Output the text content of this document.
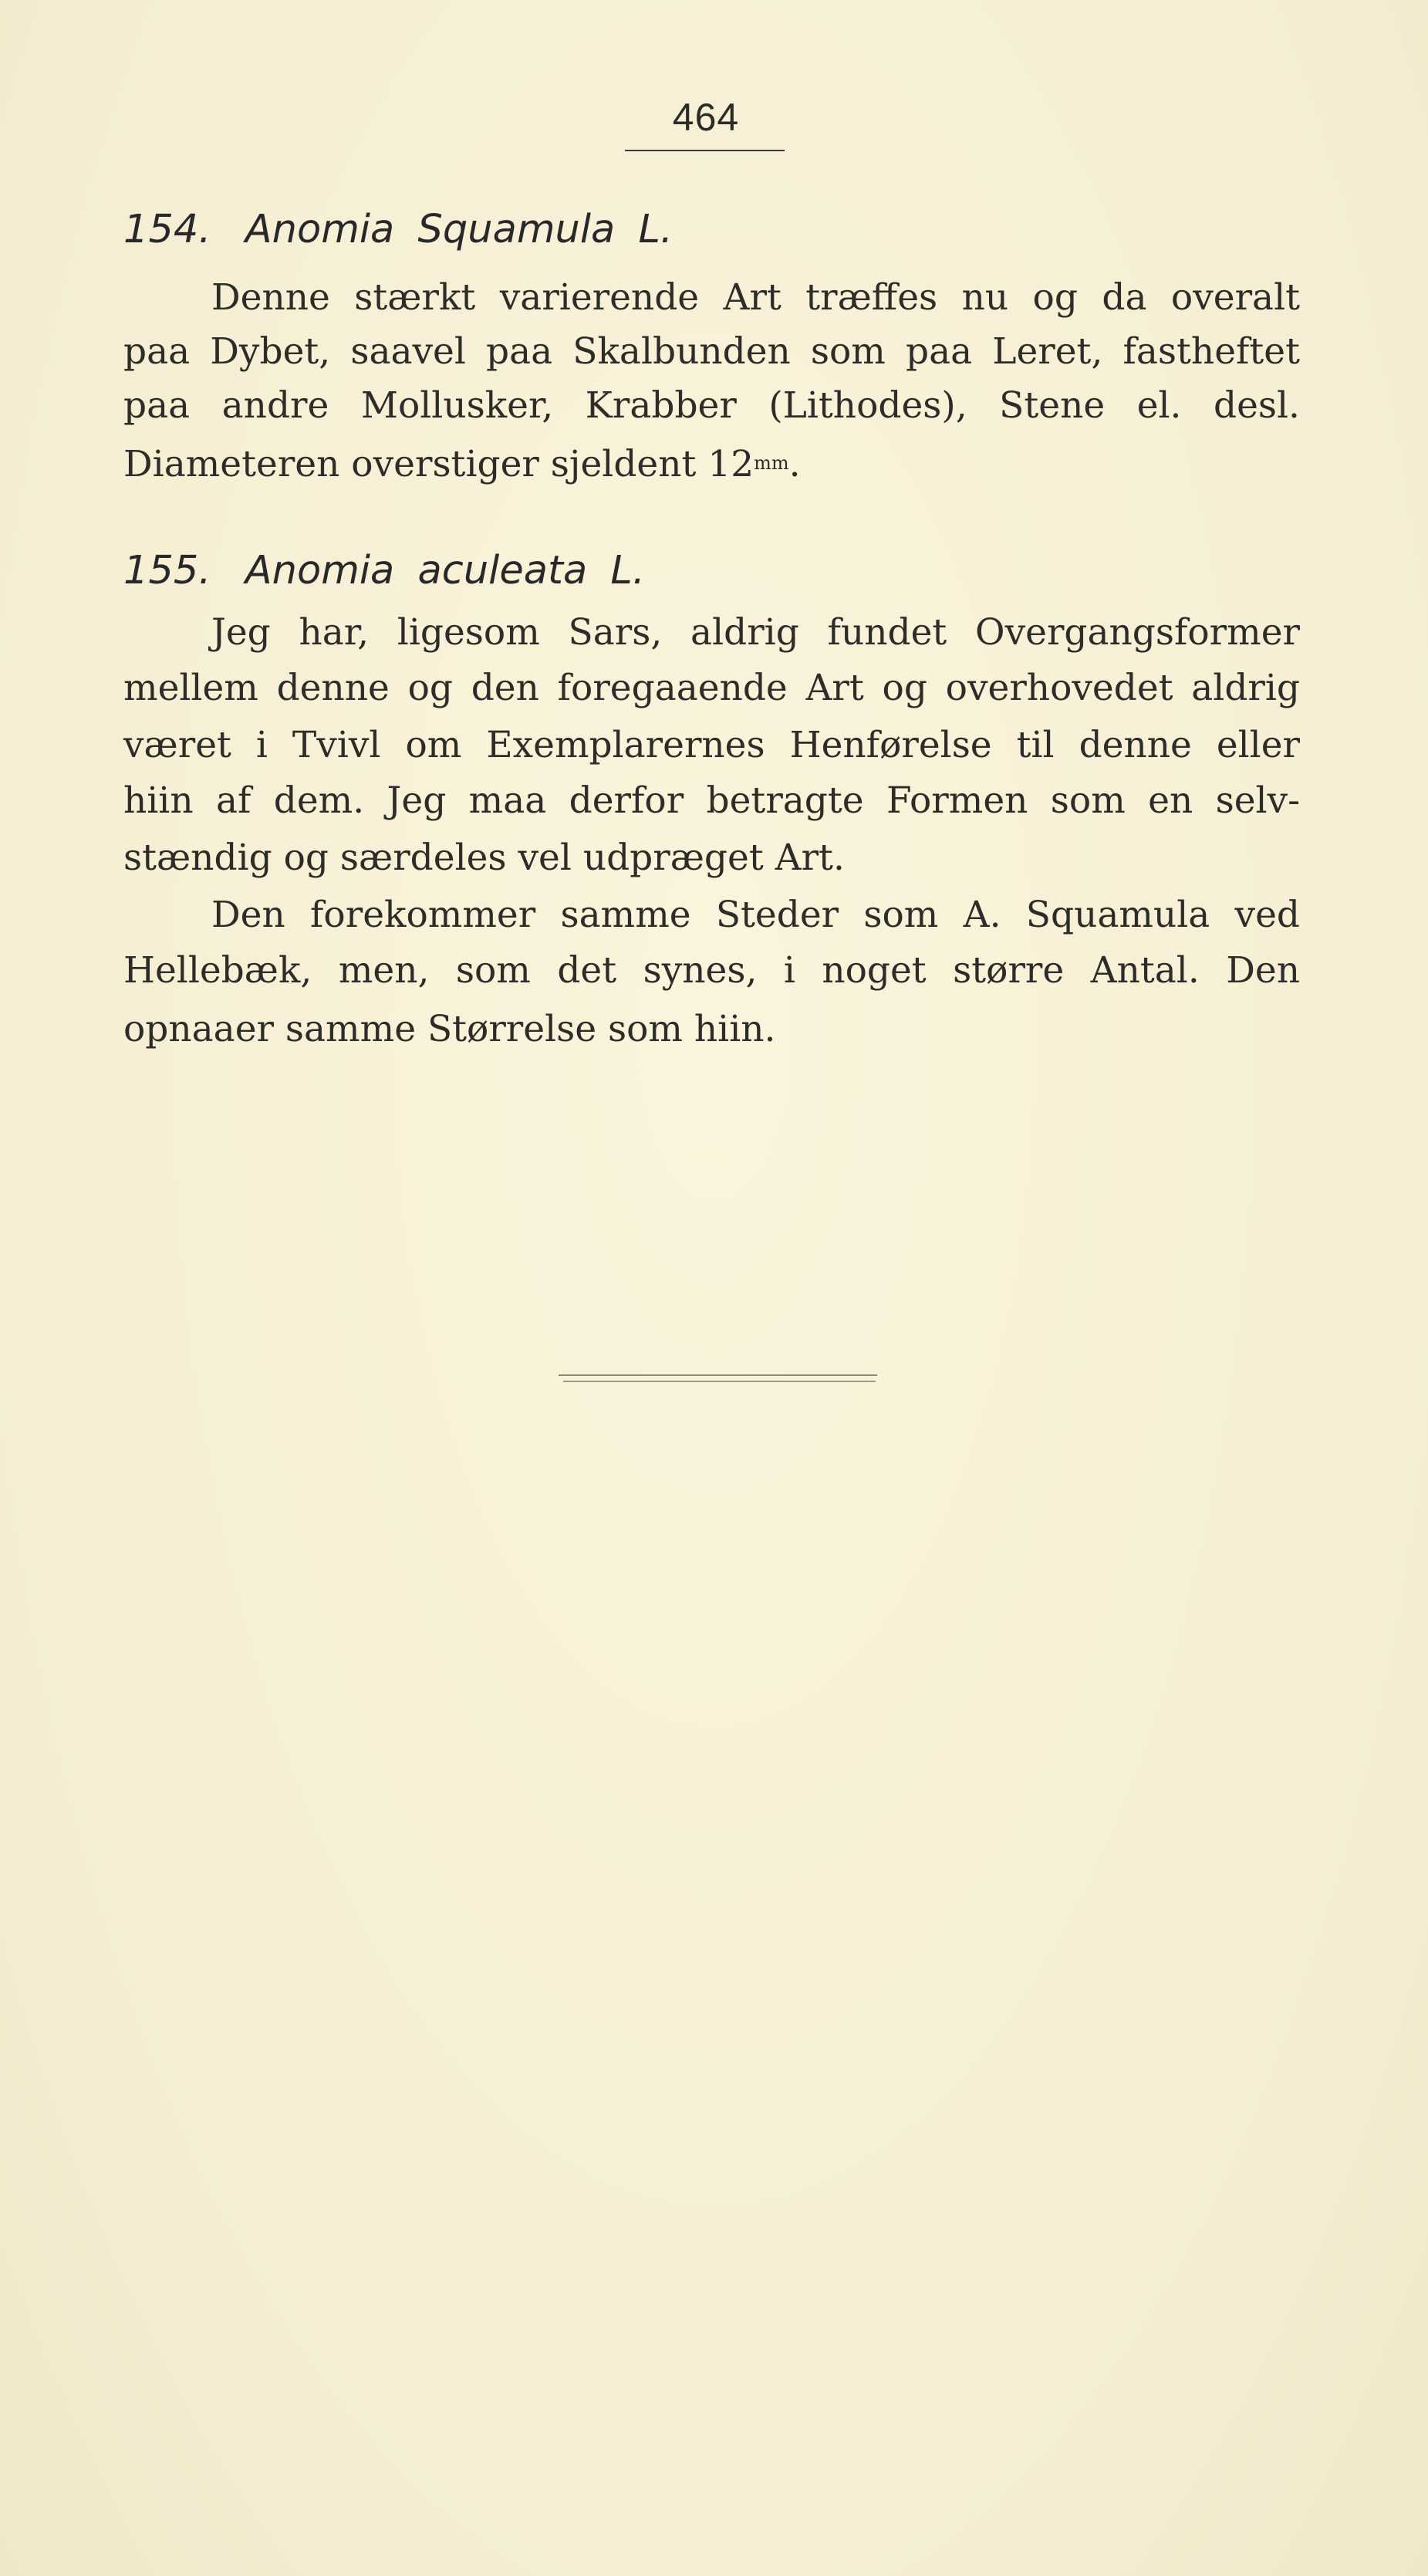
464
154. Anomia Squamula L.
Denne stærkt varierende Art træffes nu og da overalt
paa Dybet, saavel paa Skalbunden som paa Leret, fastheftet
paa andre Mollusker, Krabber (Lithodes), Stene el. desl.
Diameteren overstiger sjeldent $12^{mm}$.
155. Anomia aculeata L.
Jeg har, ligesom Sars, aldrig fundet Overgangsformer
mellem denne og den foregaaende Art og overhovedet aldrig
været i Tvivl om Exemplarernes Henførelse til denne eller
hiin af dem. Jeg maa derfor betragte Formen som en selv-
stændig og særdeles vel udpræget Art.
Den forekommer samme Steder som A. Squamula ved
Hellebæk, men, som det synes, i noget større Antal. Den
opnaaer samme Størrelse som hiin.
